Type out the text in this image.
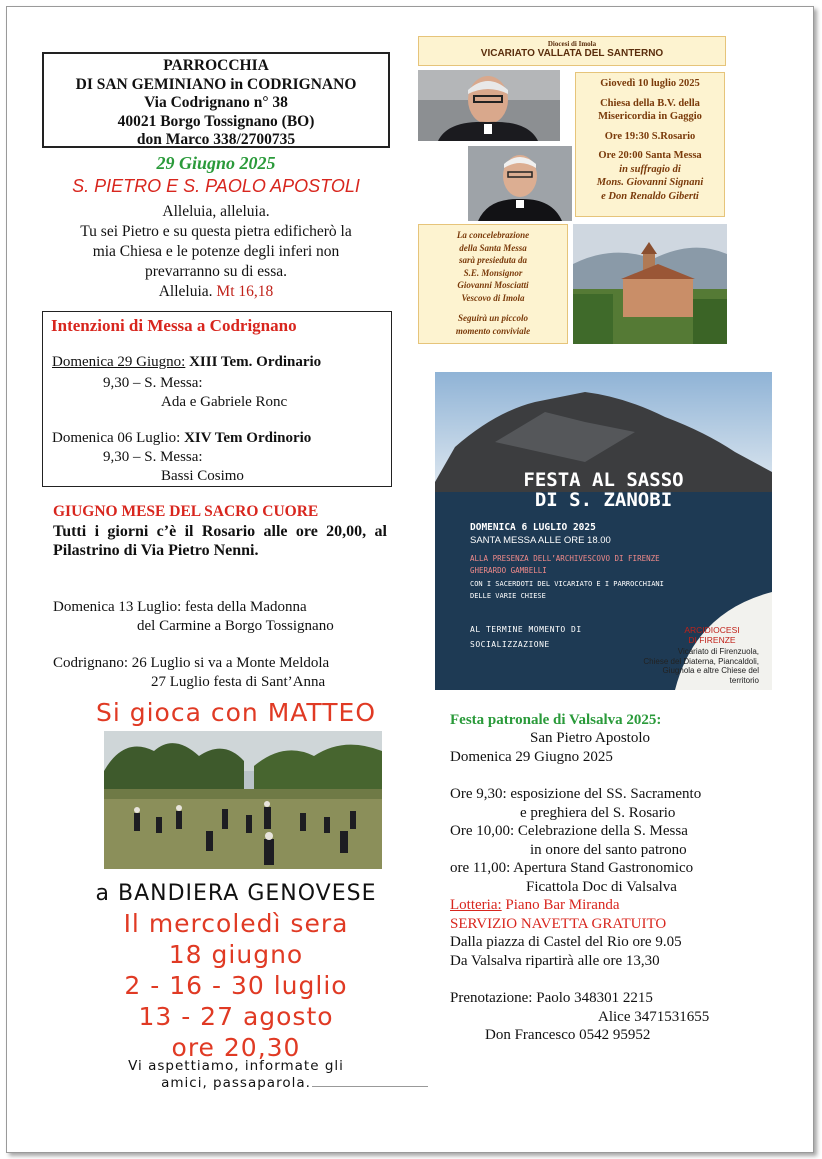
PARROCCHIA
DI SAN GEMINIANO in CODRIGNANO
Via Codrignano n° 38
40021 Borgo Tossignano (BO)
don Marco 338/2700735
29 Giugno 2025
S. PIETRO E S. PAOLO APOSTOLI
Alleluia, alleluia.
Tu sei Pietro e su questa pietra edificherò la
mia Chiesa e le potenze degli inferi non
prevarranno su di essa.
Alleluia. Mt 16,18
Intenzioni di Messa a Codrignano
Domenica 29 Giugno: XIII Tem. Ordinario
9,30 – S. Messa:
Ada e Gabriele Ronc
Domenica 06 Luglio: XIV Tem Ordinorio
9,30 – S. Messa:
Bassi Cosimo
GIUGNO MESE DEL SACRO CUORE
Tutti i giorni c’è il Rosario alle ore 20,00, al Pilastrino di Via Pietro Nenni.
Domenica 13 Luglio: festa della Madonna
del Carmine a Borgo Tossignano
Codrignano: 26 Luglio si va a Monte Meldola
27 Luglio festa di Sant’Anna
Si gioca con MATTEO
a BANDIERA GENOVESE
Il mercoledì sera
18 giugno
2 - 16 - 30 luglio
13 - 27 agosto
ore 20,30
Vi aspettiamo, informate gli
amici, passaparola.
Diocesi di Imola
VICARIATO VALLATA DEL SANTERNO
Giovedì 10 luglio 2025
Chiesa della B.V. della
Misericordia in Gaggio
Ore 19:30 S.Rosario
Ore 20:00 Santa Messa
in suffragio di
Mons. Giovanni Signani
e Don Renaldo Giberti
La concelebrazione
della Santa Messa
sarà presieduta da
S.E. Monsignor
Giovanni Mosciatti
Vescovo di Imola
Seguirà un piccolo
momento conviviale
FESTA AL SASSO
DI S. ZANOBI
DOMENICA 6 LUGLIO 2025
SANTA MESSA ALLE ORE 18.00
ALLA PRESENZA DELL’ARCHIVESCOVO DI FIRENZE
GHERARDO GAMBELLI
CON I SACERDOTI DEL VICARIATO E I PARROCCHIANI
DELLE VARIE CHIESE
AL TERMINE MOMENTO DI
SOCIALIZZAZIONE
ARCIDIOCESI
DI FIRENZE
Vicariato di Firenzuola,
Chiese del Diaterna, Piancaldoli,
Giugnola e altre Chiese del
territorio
Festa patronale di Valsalva 2025:
San Pietro Apostolo
Domenica 29 Giugno 2025
Ore 9,30: esposizione del SS. Sacramento
e preghiera del S. Rosario
Ore 10,00: Celebrazione della S. Messa
in onore del santo patrono
ore 11,00: Apertura Stand Gastronomico
Ficattola Doc di Valsalva
Lotteria: Piano Bar Miranda
SERVIZIO NAVETTA GRATUITO
Dalla piazza di Castel del Rio ore 9.05
Da Valsalva ripartirà alle ore 13,30
Prenotazione: Paolo 348301 2215
Alice 3471531655
Don Francesco 0542 95952
